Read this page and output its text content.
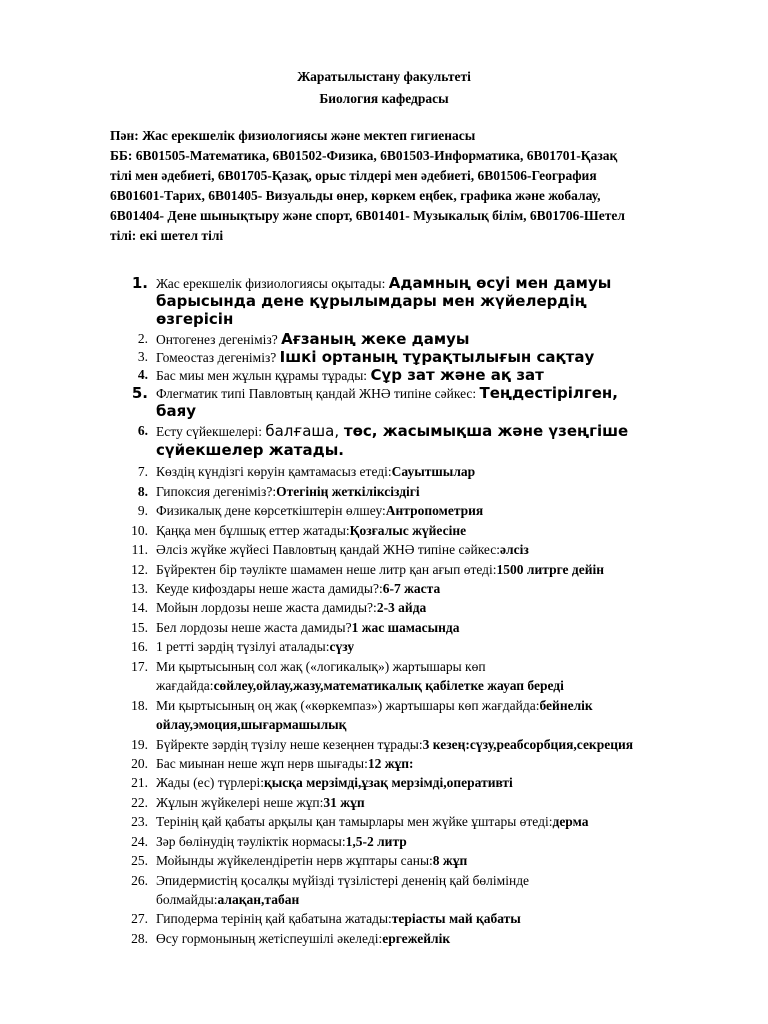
Жаратылыстану факультеті
Биология кафедрасы
Пән: Жас ерекшелік физиологиясы және мектеп гигиенасы
ББ: 6В01505-Математика, 6В01502-Физика, 6В01503-Информатика, 6В01701-Қазақ
тілі мен әдебиеті, 6В01705-Қазақ, орыс тілдері мен әдебиеті, 6В01506-География
6В01601-Тарих, 6В01405- Визуальды өнер, көркем еңбек, графика және жобалау,
6В01404- Дене шынықтыру және спорт, 6В01401- Музыкалық білім, 6В01706-Шетел
тілі: екі шетел тілі
1. Жас ерекшелік физиологиясы оқытады: Адамның өсуі мен дамуы
барысында дене құрылымдары мен жүйелердің
өзгерісін
2. Онтогенез дегеніміз? Ағзаның жеке дамуы
3. Гомеостаз дегеніміз? Ішкі ортаның тұрақтылығын сақтау
4. Бас миы мен жұлын құрамы тұрады: Сұр зат және ақ зат
5. Флегматик типі Павловтың қандай ЖНӘ типіне сәйкес: Теңдестірілген,
баяу
6. Есту сүйекшелері: балғаша, төс, жасымықша және үзеңгіше
сүйекшелер жатады.
7. Көздің күндізгі көруін қамтамасыз етеді:Сауытшылар
8. Гипоксия дегеніміз?:Отегінің жеткіліксіздігі
9. Физикалық дене көрсеткіштерін өлшеу:Антропометрия
10. Қаңқа мен бұлшық еттер жатады:Қозғалыс жүйесіне
11. Әлсіз жүйке жүйесі Павловтың қандай ЖНӘ типіне сәйкес:әлсіз
12. Бүйректен бір тәулікте шамамен неше литр қан ағып өтеді:1500 литрге дейін
13. Кеуде кифоздары неше жаста дамиды?:6-7 жаста
14. Мойын лордозы неше жаста дамиды?:2-3 айда
15. Бел лордозы неше жаста дамиды?1 жас шамасында
16. 1 ретті зәрдің түзілуі аталады:сүзу
17. Ми қыртысының сол жақ («логикалық») жартышары көп
жағдайда:сөйлеу,ойлау,жазу,математикалық қабілетке жауап береді
18. Ми қыртысының оң жақ («көркемпаз») жартышары көп жағдайда:бейнелік
ойлау,эмоция,шығармашылық
19. Бүйректе зәрдің түзілу неше кезеңнен тұрады:3 кезең:сүзу,реабсорбция,секреция
20. Бас миынан неше жұп нерв шығады:12 жұп:
21. Жады (ес) түрлері:қысқа мерзімді,ұзақ мерзімді,оперативті
22. Жұлын жүйкелері неше жұп:31 жұп
23. Терінің қай қабаты арқылы қан тамырлары мен жүйке ұштары өтеді:дерма
24. Зәр бөлінудің тәуліктік нормасы:1,5-2 литр
25. Мойынды жүйкелендіретін нерв жұптары саны:8 жұп
26. Эпидермистің қосалқы мүйізді түзілістері дененің қай бөлімінде
болмайды:алақан,табан
27. Гиподерма терінің қай қабатына жатады:теріасты май қабаты
28. Өсу гормонының жетіспеушілі әкеледі:ергежейлік
